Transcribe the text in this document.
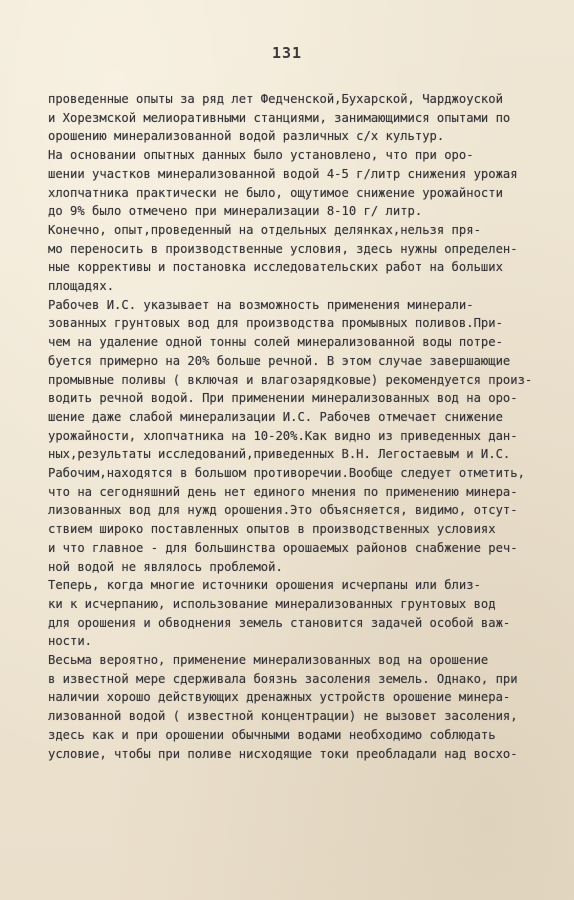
131
проведенные опыты за ряд лет Федченской,Бухарской, Чарджоуской
и Хорезмской мелиоративными станциями, занимающимися опытами по
орошению минерализованной водой различных с/х культур.
На основании опытных данных было установлено, что при оро-
шении участков минерализованной водой 4-5 г/литр снижения урожая
хлопчатника практически не было, ощутимое снижение урожайности
до 9% было отмечено при минерализации 8-10 г/ литр.
Конечно, опыт,проведенный на отдельных делянках,нельзя пря-
мо переносить в производственные условия, здесь нужны определен-
ные коррективы и постановка исследовательских работ на больших
площадях.
Рабочев И.С. указывает на возможность применения минерали-
зованных грунтовых вод для производства промывных поливов.При-
чем на удаление одной тонны солей минерализованной воды потре-
буется примерно на 20% больше речной. В этом случае завершающие
промывные поливы ( включая и влагозарядковые) рекомендуется произ-
водить речной водой. При применении минерализованных вод на оро-
шение даже слабой минерализации И.С. Рабочев отмечает снижение
урожайности, хлопчатника на 10-20%.Как видно из приведенных дан-
ных,результаты исследований,приведенных В.Н. Легостаевым и И.С.
Рабочим,находятся в большом противоречии.Вообще следует отметить,
что на сегодняшний день нет единого мнения по применению минера-
лизованных вод для нужд орошения.Это объясняется, видимо, отсут-
ствием широко поставленных опытов в производственных условиях
и что главное - для большинства орошаемых районов снабжение реч-
ной водой не являлось проблемой.
Теперь, когда многие источники орошения исчерпаны или близ-
ки к исчерпанию, использование минерализованных грунтовых вод
для орошения и обводнения земель становится задачей особой важ-
ности.
Весьма вероятно, применение минерализованных вод на орошение
в известной мере сдерживала боязнь засоления земель. Однако, при
наличии хорошо действующих дренажных устройств орошение минера-
лизованной водой ( известной концентрации) не вызовет засоления,
здесь как и при орошении обычными водами необходимо соблюдать
условие, чтобы при поливе нисходящие токи преобладали над восхо-
